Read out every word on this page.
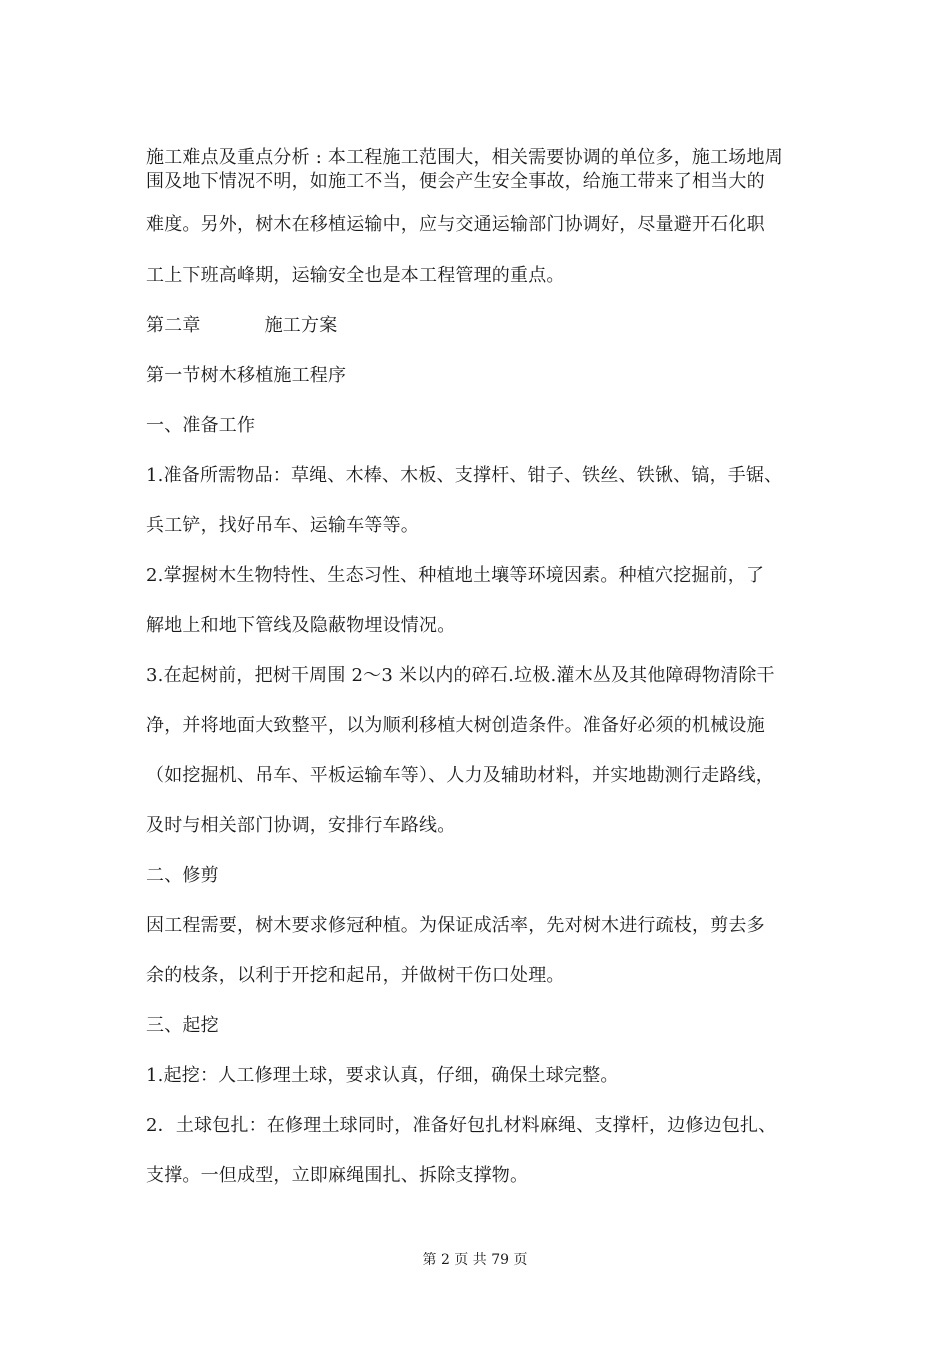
施工难点及重点分析 : 本工程施工范围大，相关需要协调的单位多，施工场地周
围及地下情况不明，如施工不当，便会产生安全事故，给施工带来了相当大的
难度。另外，树木在移植运输中，应与交通运输部门协调好，尽量避开石化职
工上下班高峰期，运输安全也是本工程管理的重点。
第二章	施工方案
第一节树木移植施工程序
一、准备工作
1.准备所需物品：草绳、木棒、木板、支撑杆、钳子、铁丝、铁锹、镐，手锯、
兵工铲，找好吊车、运输车等等。
2.掌握树木生物特性、生态习性、种植地土壤等环境因素。种植穴挖掘前，了
解地上和地下管线及隐蔽物埋设情况。
3.在起树前，把树干周围 2～3 米以内的碎石.垃极.灌木丛及其他障碍物清除干
净，并将地面大致整平，以为顺利移植大树创造条件。准备好必须的机械设施
（如挖掘机、吊车、平板运输车等）、人力及辅助材料，并实地勘测行走路线，
及时与相关部门协调，安排行车路线。
二、修剪
因工程需要，树木要求修冠种植。为保证成活率，先对树木进行疏枝，剪去多
余的枝条，以利于开挖和起吊，并做树干伤口处理。
三、起挖
1.起挖：人工修理土球，要求认真，仔细，确保土球完整。
2．土球包扎：在修理土球同时，准备好包扎材料麻绳、支撑杆，边修边包扎、
支撑。一但成型，立即麻绳围扎、拆除支撑物。
第 2 页 共 79 页
